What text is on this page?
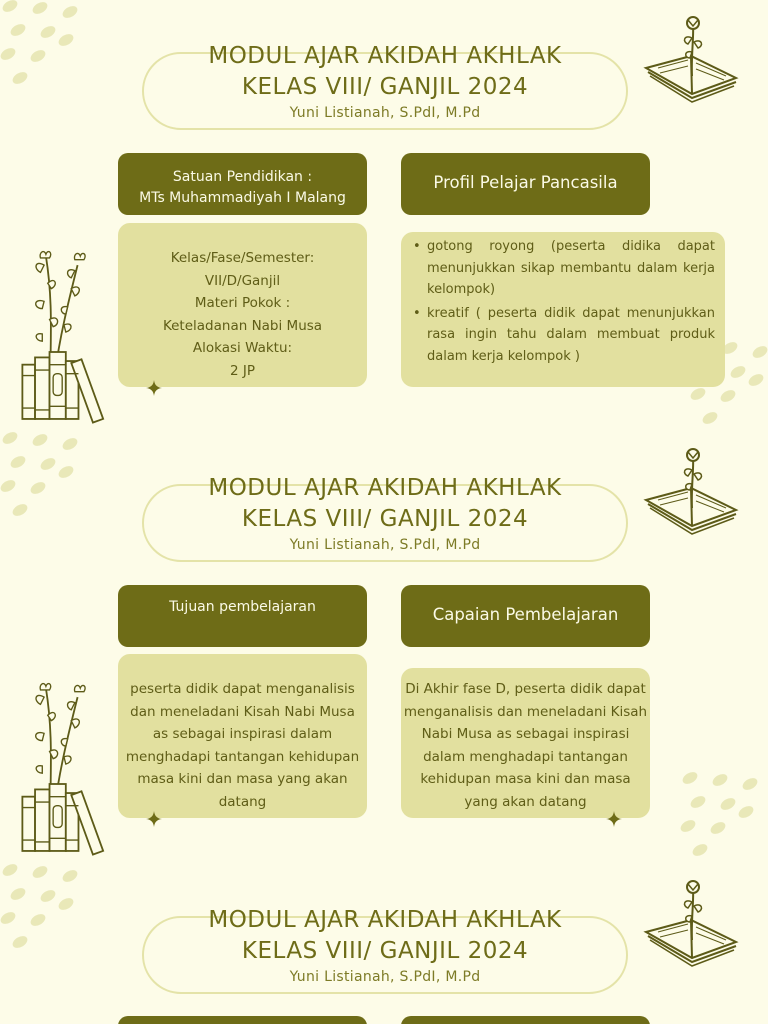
MODUL AJAR AKIDAH AKHLAK
KELAS VIII/ GANJIL 2024
Yuni Listianah, S.PdI, M.Pd
Satuan Pendidikan :
MTs Muhammadiyah I Malang
Profil Pelajar Pancasila
Kelas/Fase/Semester:
VII/D/Ganjil
Materi Pokok :
Keteladanan Nabi Musa
Alokasi Waktu:
2 JP
• gotong royong (peserta didika dapat menunjukkan sikap membantu dalam kerja kelompok)
• kreatif ( peserta didik dapat menunjukkan rasa ingin tahu dalam membuat produk dalam kerja kelompok )
MODUL AJAR AKIDAH AKHLAK
KELAS VIII/ GANJIL 2024
Yuni Listianah, S.PdI, M.Pd
Tujuan pembelajaran	Capaian Pembelajaran
peserta didik dapat menganalisis dan meneladani Kisah Nabi Musa as sebagai inspirasi dalam menghadapi tantangan kehidupan masa kini dan masa yang akan datang
Di Akhir fase D, peserta didik dapat menganalisis dan meneladani Kisah Nabi Musa as sebagai inspirasi dalam menghadapi tantangan kehidupan masa kini dan masa yang akan datang
MODUL AJAR AKIDAH AKHLAK
KELAS VIII/ GANJIL 2024
Yuni Listianah, S.PdI, M.Pd
